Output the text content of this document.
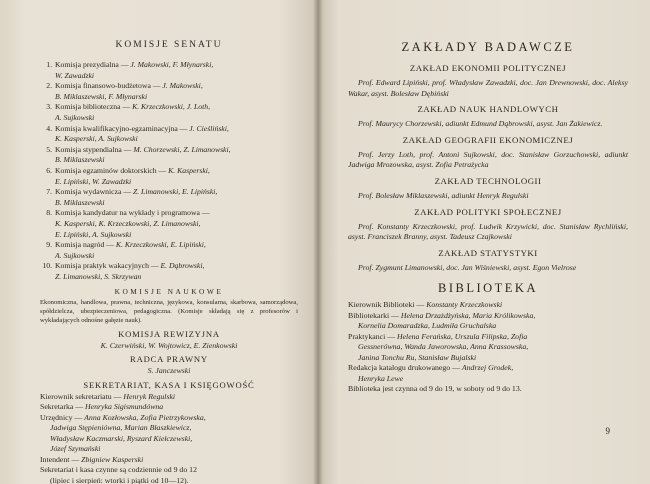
KOMISJE SENATU
1. Komisja prezydialna — J. Makowski, F. Młynarski,
W. Zawadzki
2. Komisja finansowo-budżetowa — J. Makowski,
B. Miklaszewski, F. Młynarski
3. Komisja biblioteczna — K. Krzeczkowski, J. Loth,
A. Sujkowski
4. Komisja kwalifikacyjno-egzaminacyjna — J. Cieśliński,
K. Kasperski, A. Sujkowski
5. Komisja stypendialna — M. Chorzewski, Z. Limanowski,
B. Miklaszewski
6. Komisja egzaminów doktorskich — K. Kasperski,
E. Lipiński, W. Zawadzki
7. Komisja wydawnicza — Z. Limanowski, E. Lipiński,
B. Miklaszewski
8. Komisja kandydatur na wykłady i programowa —
K. Kasperski, K. Krzeczkowski, Z. Limanowski,
E. Lipiński, A. Sujkowski
9. Komisja nagród — K. Krzeczkowski, E. Lipiński,
A. Sujkowski
10. Komisja praktyk wakacyjnych — E. Dąbrowski,
Z. Limanowski, S. Skrzywan
KOMISJE NAUKOWE
Ekonomiczna, handlowa, prawna, techniczna, językowa, konsularna, skarbowa, samorządowa, spółdzielcza, ubezpieczeniowa, pedagogiczna. (Komisje składają się z profesorów i wykładających odnośne gałęzie nauk).
KOMISJA REWIZYJNA
K. Czerwiński, W. Wojtowicz, E. Zienkowski
RADCA PRAWNY
S. Janczewski
SEKRETARIAT, KASA I KSIĘGOWOŚĆ
Kierownik sekretariatu — Henryk Regulski
Sekretarka — Henryka Sigismundówna
Urzędnicy — Anna Kozłowska, Zofia Pietrzykowska,
Jadwiga Stępieniówna, Marian Błaszkiewicz,
Władysław Kaczmarski, Ryszard Kiełczewski,
Józef Szymański
Intendent — Zbigniew Kasperski
Sekretariat i kasa czynne są codziennie od 9 do 12
(lipiec i sierpień: wtorki i piątki od 10—12).
ZAKŁADY BADAWCZE
ZAKŁAD EKONOMII POLITYCZNEJ
Prof. Edward Lipiński, prof. Władysław Zawadzki, doc. Jan Drewnowski, doc. Aleksy Wakar, asyst. Bolesław Dębiński
ZAKŁAD NAUK HANDLOWYCH
Prof. Maurycy Chorzewski, adiunkt Edmund Dąbrowski, asyst. Jan Żakiewicz.
ZAKŁAD GEOGRAFII EKONOMICZNEJ
Prof. Jerzy Loth, prof. Antoni Sujkowski, doc. Stanisław Gorzuchowski, adiunkt Jadwiga Mrozowska, asyst. Zofia Petrażycka
ZAKŁAD TECHNOLOGII
Prof. Bolesław Miklaszewski, adiunkt Henryk Regulski
ZAKŁAD POLITYKI SPOŁECZNEJ
Prof. Konstanty Krzeczkowski, prof. Ludwik Krzywicki, doc. Stanisław Rychliński, asyst. Franciszek Branny, asyst. Tadeusz Czajkowski
ZAKŁAD STATYSTYKI
Prof. Zygmunt Limanowski, doc. Jan Wiśniewski, asyst. Egon Vielrose
BIBLIOTEKA
Kierownik Biblioteki — Konstanty Krzeczkowski
Bibliotekarki — Helena Drzażdżyńska, Maria Królikowska,
Kornelia Domaradzka, Ludmiła Gruchalska
Praktykanci — Helena Ferańska, Urszula Filipska, Zofia
Gessnerówna, Wanda Jaworowska, Anna Krassowska,
Janina Tonchu Ru, Stanisław Bujalski
Redakcja katalogu drukowanego — Andrzej Grodek,
Henryka Lewe
Biblioteka jest czynna od 9 do 19, w soboty od 9 do 13.
9
